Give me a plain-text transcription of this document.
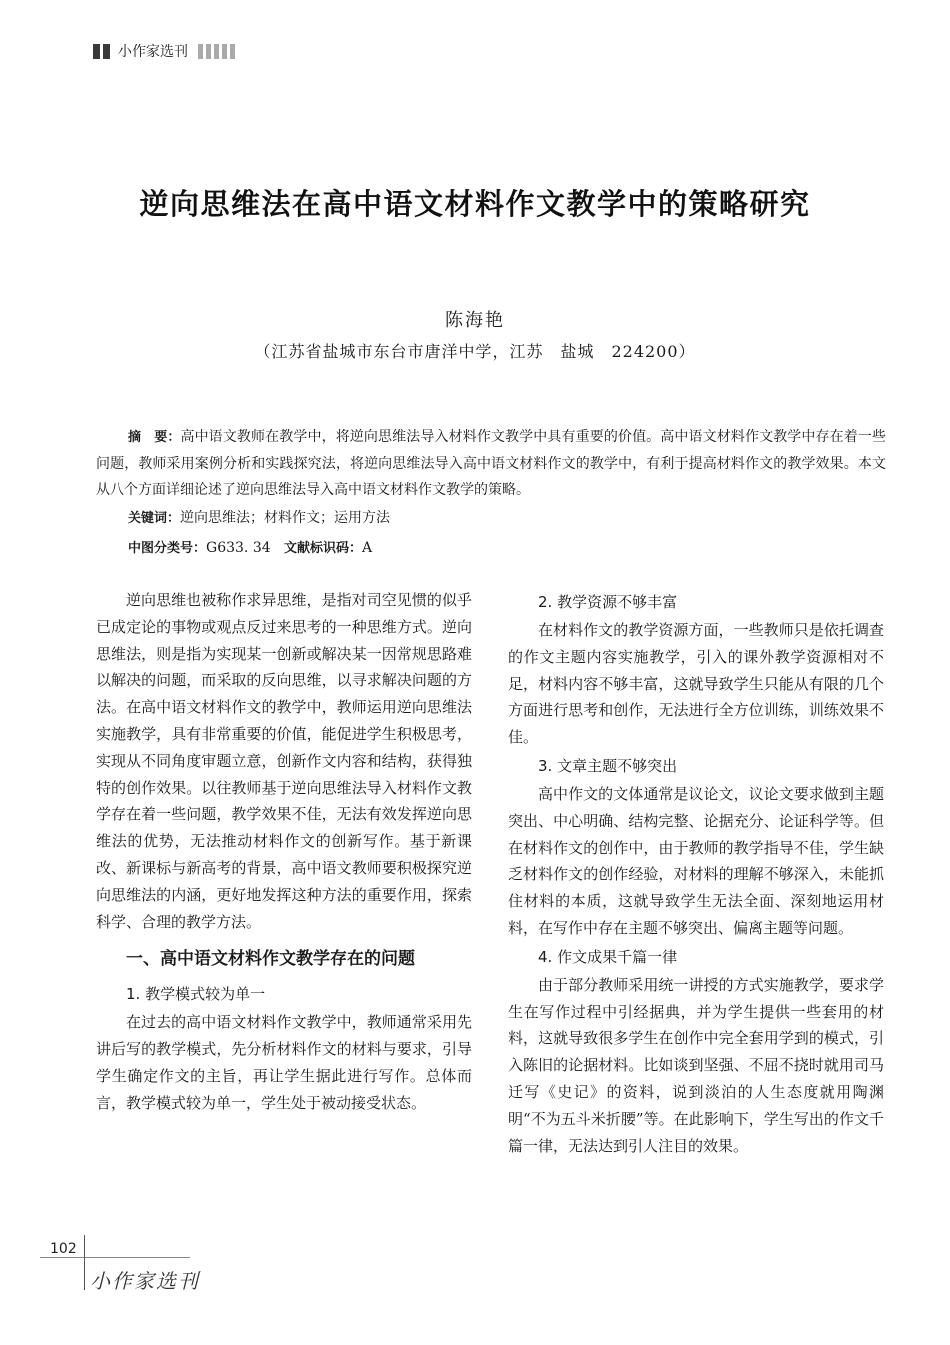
小作家选刊
逆向思维法在高中语文材料作文教学中的策略研究
陈海艳
（江苏省盐城市东台市唐洋中学，江苏　盐城　224200）
摘　要：高中语文教师在教学中，将逆向思维法导入材料作文教学中具有重要的价值。高中语文材料作文教学中存在着一些问题，教师采用案例分析和实践探究法，将逆向思维法导入高中语文材料作文的教学中，有利于提高材料作文的教学效果。本文从八个方面详细论述了逆向思维法导入高中语文材料作文教学的策略。
关键词：逆向思维法；材料作文；运用方法
中图分类号：G633. 34 文献标识码：A

逆向思维也被称作求异思维，是指对司空见惯的似乎已成定论的事物或观点反过来思考的一种思维方式。逆向思维法，则是指为实现某一创新或解决某一因常规思路难以解决的问题，而采取的反向思维，以寻求解决问题的方法。在高中语文材料作文的教学中，教师运用逆向思维法实施教学，具有非常重要的价值，能促进学生积极思考，实现从不同角度审题立意，创新作文内容和结构，获得独特的创作效果。以往教师基于逆向思维法导入材料作文教学存在着一些问题，教学效果不佳，无法有效发挥逆向思维法的优势，无法推动材料作文的创新写作。基于新课改、新课标与新高考的背景，高中语文教师要积极探究逆向思维法的内涵，更好地发挥这种方法的重要作用，探索科学、合理的教学方法。

一、高中语文材料作文教学存在的问题
1. 教学模式较为单一

在过去的高中语文材料作文教学中，教师通常采用先讲后写的教学模式，先分析材料作文的材料与要求，引导学生确定作文的主旨，再让学生据此进行写作。总体而言，教学模式较为单一，学生处于被动接受状态。

2. 教学资源不够丰富

在材料作文的教学资源方面，一些教师只是依托调查的作文主题内容实施教学，引入的课外教学资源相对不足，材料内容不够丰富，这就导致学生只能从有限的几个方面进行思考和创作，无法进行全方位训练，训练效果不佳。

3. 文章主题不够突出

高中作文的文体通常是议论文，议论文要求做到主题突出、中心明确、结构完整、论据充分、论证科学等。但在材料作文的创作中，由于教师的教学指导不佳，学生缺乏材料作文的创作经验，对材料的理解不够深入，未能抓住材料的本质，这就导致学生无法全面、深刻地运用材料，在写作中存在主题不够突出、偏离主题等问题。

4. 作文成果千篇一律

由于部分教师采用统一讲授的方式实施教学，要求学生在写作过程中引经据典，并为学生提供一些套用的材料，这就导致很多学生在创作中完全套用学到的模式，引入陈旧的论据材料。比如谈到坚强、不屈不挠时就用司马迁写《史记》的资料，说到淡泊的人生态度就用陶渊明“不为五斗米折腰”等。在此影响下，学生写出的作文千篇一律，无法达到引人注目的效果。

102
小作家选刊
